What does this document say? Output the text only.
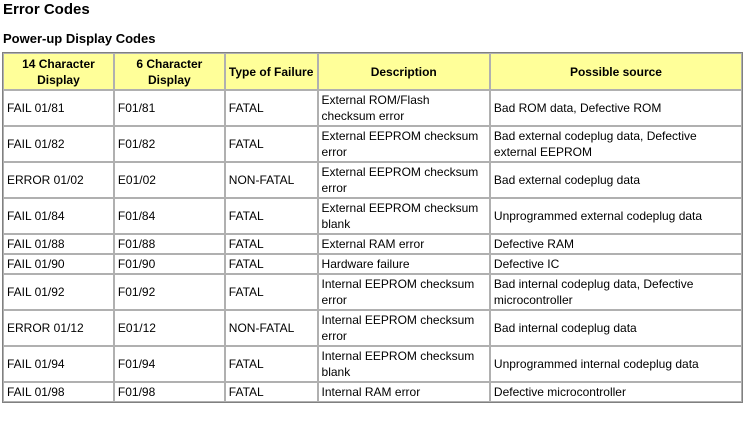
Error Codes
Power-up Display Codes
14 Character Display	6 Character Display	Type of Failure	Description	Possible source
FAIL 01/81	F01/81	FATAL	External ROM/Flash checksum error	Bad ROM data, Defective ROM
FAIL 01/82	F01/82	FATAL	External EEPROM checksum error	Bad external codeplug data, Defective external EEPROM
ERROR 01/02	E01/02	NON-FATAL	External EEPROM checksum error	Bad external codeplug data
FAIL 01/84	F01/84	FATAL	External EEPROM checksum blank	Unprogrammed external codeplug data
FAIL 01/88	F01/88	FATAL	External RAM error	Defective RAM
FAIL 01/90	F01/90	FATAL	Hardware failure	Defective IC
FAIL 01/92	F01/92	FATAL	Internal EEPROM checksum error	Bad internal codeplug data, Defective microcontroller
ERROR 01/12	E01/12	NON-FATAL	Internal EEPROM checksum error	Bad internal codeplug data
FAIL 01/94	F01/94	FATAL	Internal EEPROM checksum blank	Unprogrammed internal codeplug data
FAIL 01/98	F01/98	FATAL	Internal RAM error	Defective microcontroller
